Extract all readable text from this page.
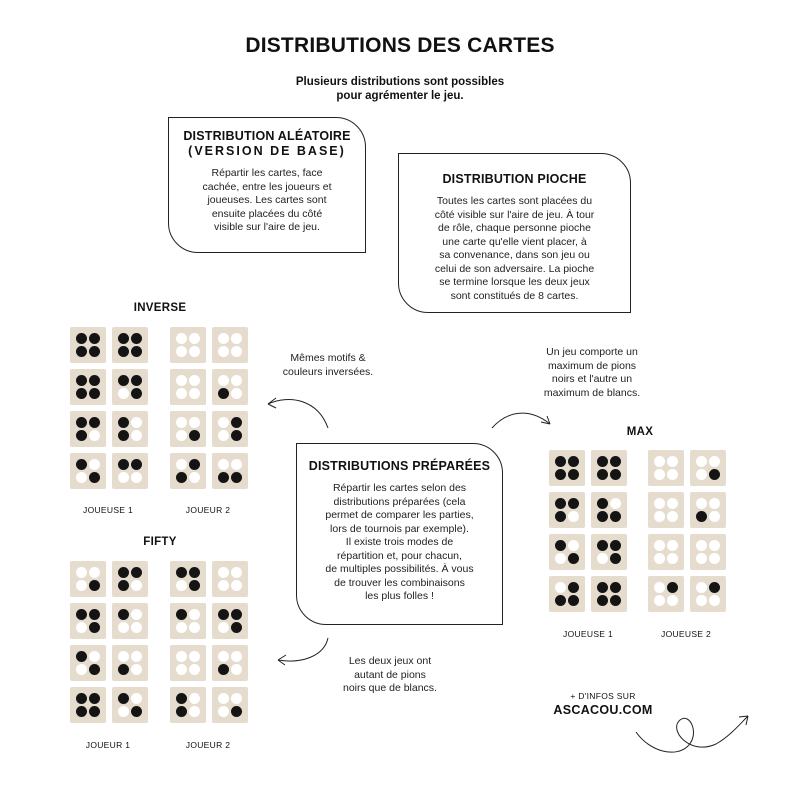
DISTRIBUTIONS DES CARTES
Plusieurs distributions sont possibles
pour agrémenter le jeu.
DISTRIBUTION ALÉATOIRE
(VERSION DE BASE)

Répartir les cartes, face

cachée, entre les joueurs et

joueuses. Les cartes sont

ensuite placées du côté

visible sur l'aire de jeu.

DISTRIBUTION PIOCHE

Toutes les cartes sont placées du

côté visible sur l'aire de jeu. À tour

de rôle, chaque personne pioche

une carte qu'elle vient placer, à

sa convenance, dans son jeu ou

celui de son adversaire. La pioche

se termine lorsque les deux jeux

sont constitués de 8 cartes.

DISTRIBUTIONS PRÉPARÉES

Répartir les cartes selon des

distributions préparées (cela

permet de comparer les parties,

lors de tournois par exemple).

Il existe trois modes de

répartition et, pour chacun,

de multiples possibilités. À vous

de trouver les combinaisons

les plus folles !

INVERSE
FIFTY
MAX
JOUEUSE 1	JOUEUR 2
JOUEUR 1	JOUEUR 2
JOUEUSE 1	JOUEUSE 2
Mêmes motifs &
couleurs inversées.
Un jeu comporte un
maximum de pions
noirs et l'autre un
maximum de blancs.
Les deux jeux ont
autant de pions
noirs que de blancs.
+ D'INFOS SUR
ASCACOU.COM
